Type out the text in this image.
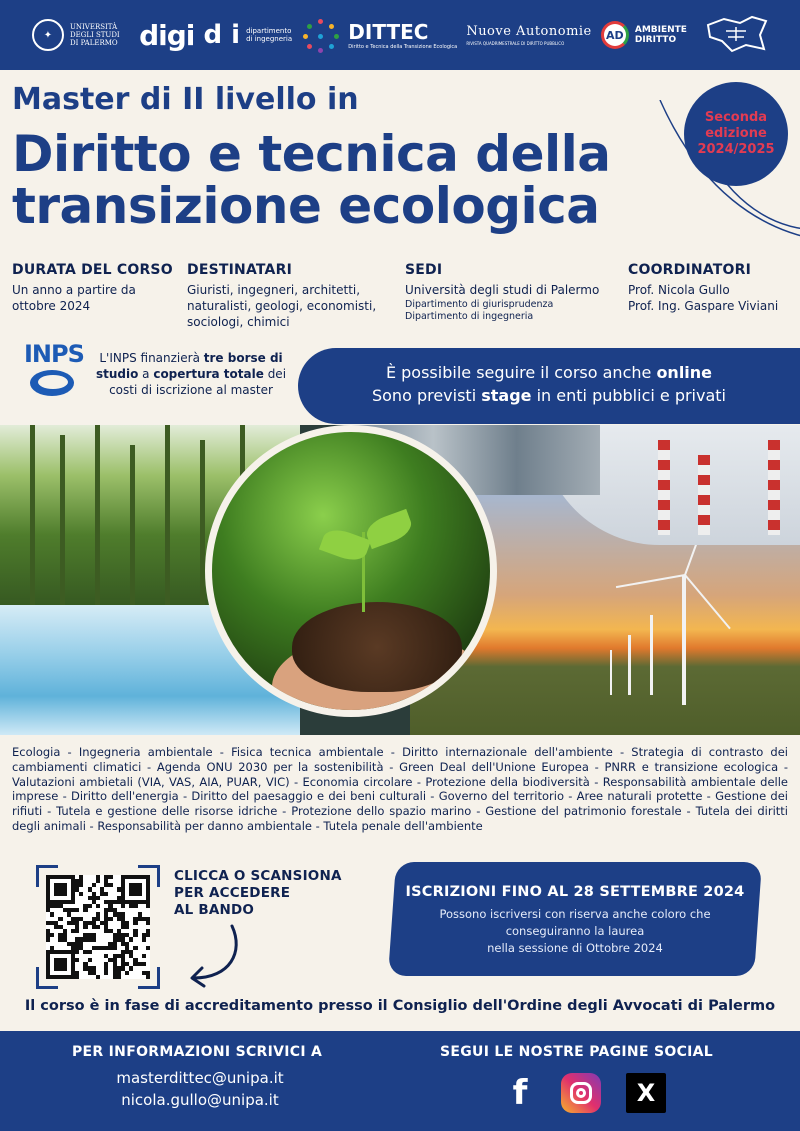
✦
UNIVERSITÀ DEGLI STUDI DI PALERMO digi d i dipartimento di ingegneria	DITTEC
Diritto e Tecnica della Transizione Ecologica
Nuove Autonomie
RIVISTA QUADRIMESTRALE DI DIRITTO PUBBLICO
AD	AMBIENTE DIRITTO
Master di II livello in
Diritto e tecnica della transizione ecologica
Seconda
edizione
2024/2025
DURATA DEL CORSO

Un anno a partire da ottobre 2024

DESTINATARI

Giuristi, ingegneri, architetti, naturalisti, geologi, economisti, sociologi, chimici

SEDI

Università degli studi di Palermo

Dipartimento di giurisprudenza

Dipartimento di ingegneria

COORDINATORI

Prof. Nicola Gullo

Prof. Ing. Gaspare Viviani

INPS	L'INPS finanzierà tre borse di studio a copertura totale dei costi di iscrizione al master
È possibile seguire il corso anche online
Sono previsti stage in enti pubblici e privati
Ecologia - Ingegneria ambientale - Fisica tecnica ambientale - Diritto internazionale dell'ambiente - Strategia di contrasto dei cambiamenti climatici - Agenda ONU 2030 per la sostenibilità - Green Deal dell'Unione Europea - PNRR e transizione ecologica - Valutazioni ambietali (VIA, VAS, AIA, PUAR, VIC) - Economia circolare - Protezione della biodiversità - Responsabilità ambientale delle imprese - Diritto dell'energia - Diritto del paesaggio e dei beni culturali - Governo del territorio - Aree naturali protette - Gestione dei rifiuti - Tutela e gestione delle risorse idriche - Protezione dello spazio marino - Gestione del patrimonio forestale - Tutela dei diritti degli animali - Responsabilità per danno ambientale - Tutela penale dell'ambiente
CLICCA O SCANSIONA
PER ACCEDERE
AL BANDO
ISCRIZIONI FINO AL 28 SETTEMBRE 2024
Possono iscriversi con riserva anche coloro che
conseguiranno la laurea
nella sessione di Ottobre 2024
Il corso è in fase di accreditamento presso il Consiglio dell'Ordine degli Avvocati di Palermo
PER INFORMAZIONI SCRIVICI A
masterdittec@unipa.it
nicola.gullo@unipa.it
SEGUI LE NOSTRE PAGINE SOCIAL
f	X
